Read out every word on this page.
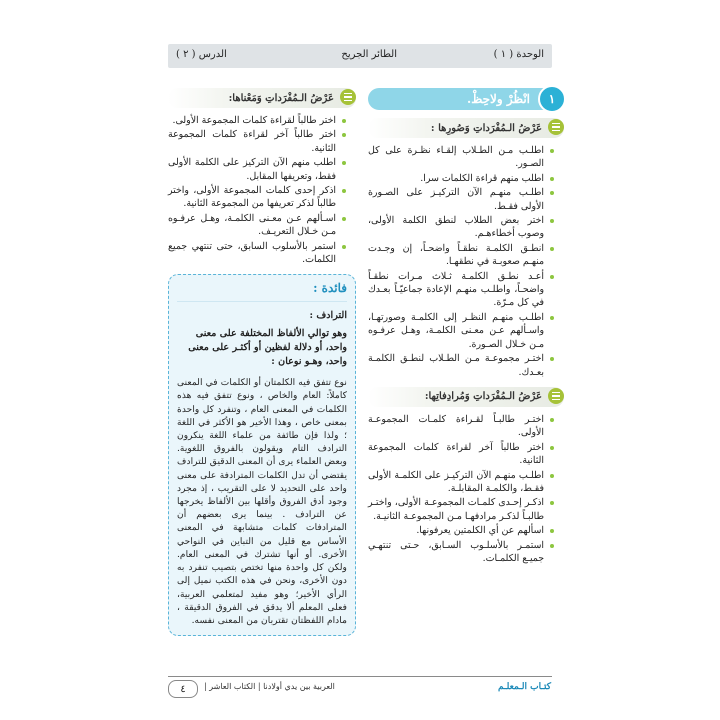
الوحدة ( ١ )
الطائر الجريح
الدرس ( ٢ )
١
انْظُرْ ولاحِظْ.
عَرْضُ الـمُفْرَداتِ وَصُورِها :
اطلـب مـن الطـلاب إلقـاء نظـرة على كل الصـور.
اطلب منهم قراءة الكلمات سرا.
اطلـب منهـم الآن التركيـز على الصـورة الأولى فقـط.
اختر بعض الطلاب لنطق الكلمة الأولى، وصوب أخطاءهـم.
انطـق الكلمـة نطقـاً واضحـاً، إن وجـدت منهـم صعوبـة في نطقهـا.
أعـد نطـق الكلمـة ثـلاث مـرات نطقـاً واضحـاً، واطلـب منهـم الإعادة جماعيّـاً بعـدك في كل مـرّة.
اطلـب منهـم النظـر إلى الكلمـة وصورتهـا، واسـألهم عـن معـنى الكلمـة، وهـل عرفـوه مـن خـلال الصـورة.
اختـر مجموعـة مـن الطـلاب لنطـق الكلمـة بعـدك.
عَرْضُ الـمُفْرَداتِ وَمُرادِفاتِها:
اختـر طالبـاً لقـراءة كلمـات المجموعـة الأولى.
اختر طالباً آخر لقراءة كلمات المجموعة الثانية.
اطلـب منهـم الآن التركيـز على الكلمـة الأولى فقـط، والكلمـة المقابلـة.
اذكـر إحـدى كلمـات المجموعـة الأولى، واختـر طالبـاً لذكـر مرادفهـا مـن المجموعـة الثانيـة.
اسألهم عن أي الكلمتين يعرفونها.
استمـر بالأسلـوب السـابق، حـتى تنتهـي جميـع الكلمـات.
عَرْضُ الـمُفْرَداتِ وَمَعْناها:
اختر طالباً لقراءة كلمات المجموعة الأولى.
اختر طالباً آخر لقراءة كلمات المجموعة الثانية.
اطلب منهم الآن التركيز على الكلمة الأولى فقط، وتعريفها المقابل.
اذكر إحدى كلمات المجموعة الأولى، واختر طالباً لذكر تعريفها من المجموعة الثانية.
اسـألهم عـن معـنى الكلمـة، وهـل عرفـوه مـن خـلال التعريـف.
استمر بالأسلوب السابق، حتى تنتهي جميع الكلمات.
فائدة :
الترادف :
وهو توالي الألفاظ المختلفة على معنى واحد، أو دلالة لفظين أو أكثـر على معنى واحد، وهـو نوعان :
نوع تتفق فيه الكلمتان أو الكلمات في المعنى كاملاً: العام والخاص ، ونوع تتفق فيه هذه الكلمات في المعنى العام ، وتنفرد كل واحدة بمعنى خاص ، وهذا الأخير هو الأكثر في اللغة ؛ ولذا فإن طائفة من علماء اللغة ينكرون الترادف التام ويقولون بالفروق اللغوية. وبعض العلماء يرى أن المعنى الدقيق للترادف يقتضي أن تدل الكلمات المترادفة على معنى واحد على التحديد لا على التقريب ، إذ مجرد وجود أدق الفروق وأقلها بين الألفاظ يخرجها عن الترادف . بينما يرى بعضهم أن المترادفات كلمات متشابهة في المعنى الأساس مع قليل من التباين في النواحي الأخرى. أو أنها تشترك في المعنى العام. ولكن كل واحدة منها تختص بتصيب تنفرد به دون الأخرى، ونحن في هذه الكتب نميل إلى الرأي الأخير؛ وهو مفيد لمتعلمي العربية، فعلى المعلم ألا يدقق في الفروق الدقيقة ، مادام اللفظتان تقتربان من المعنى نفسه.
٤	العربية بين يدي أولادنا | الكتاب العاشر |	كتـاب الـمعلـم
